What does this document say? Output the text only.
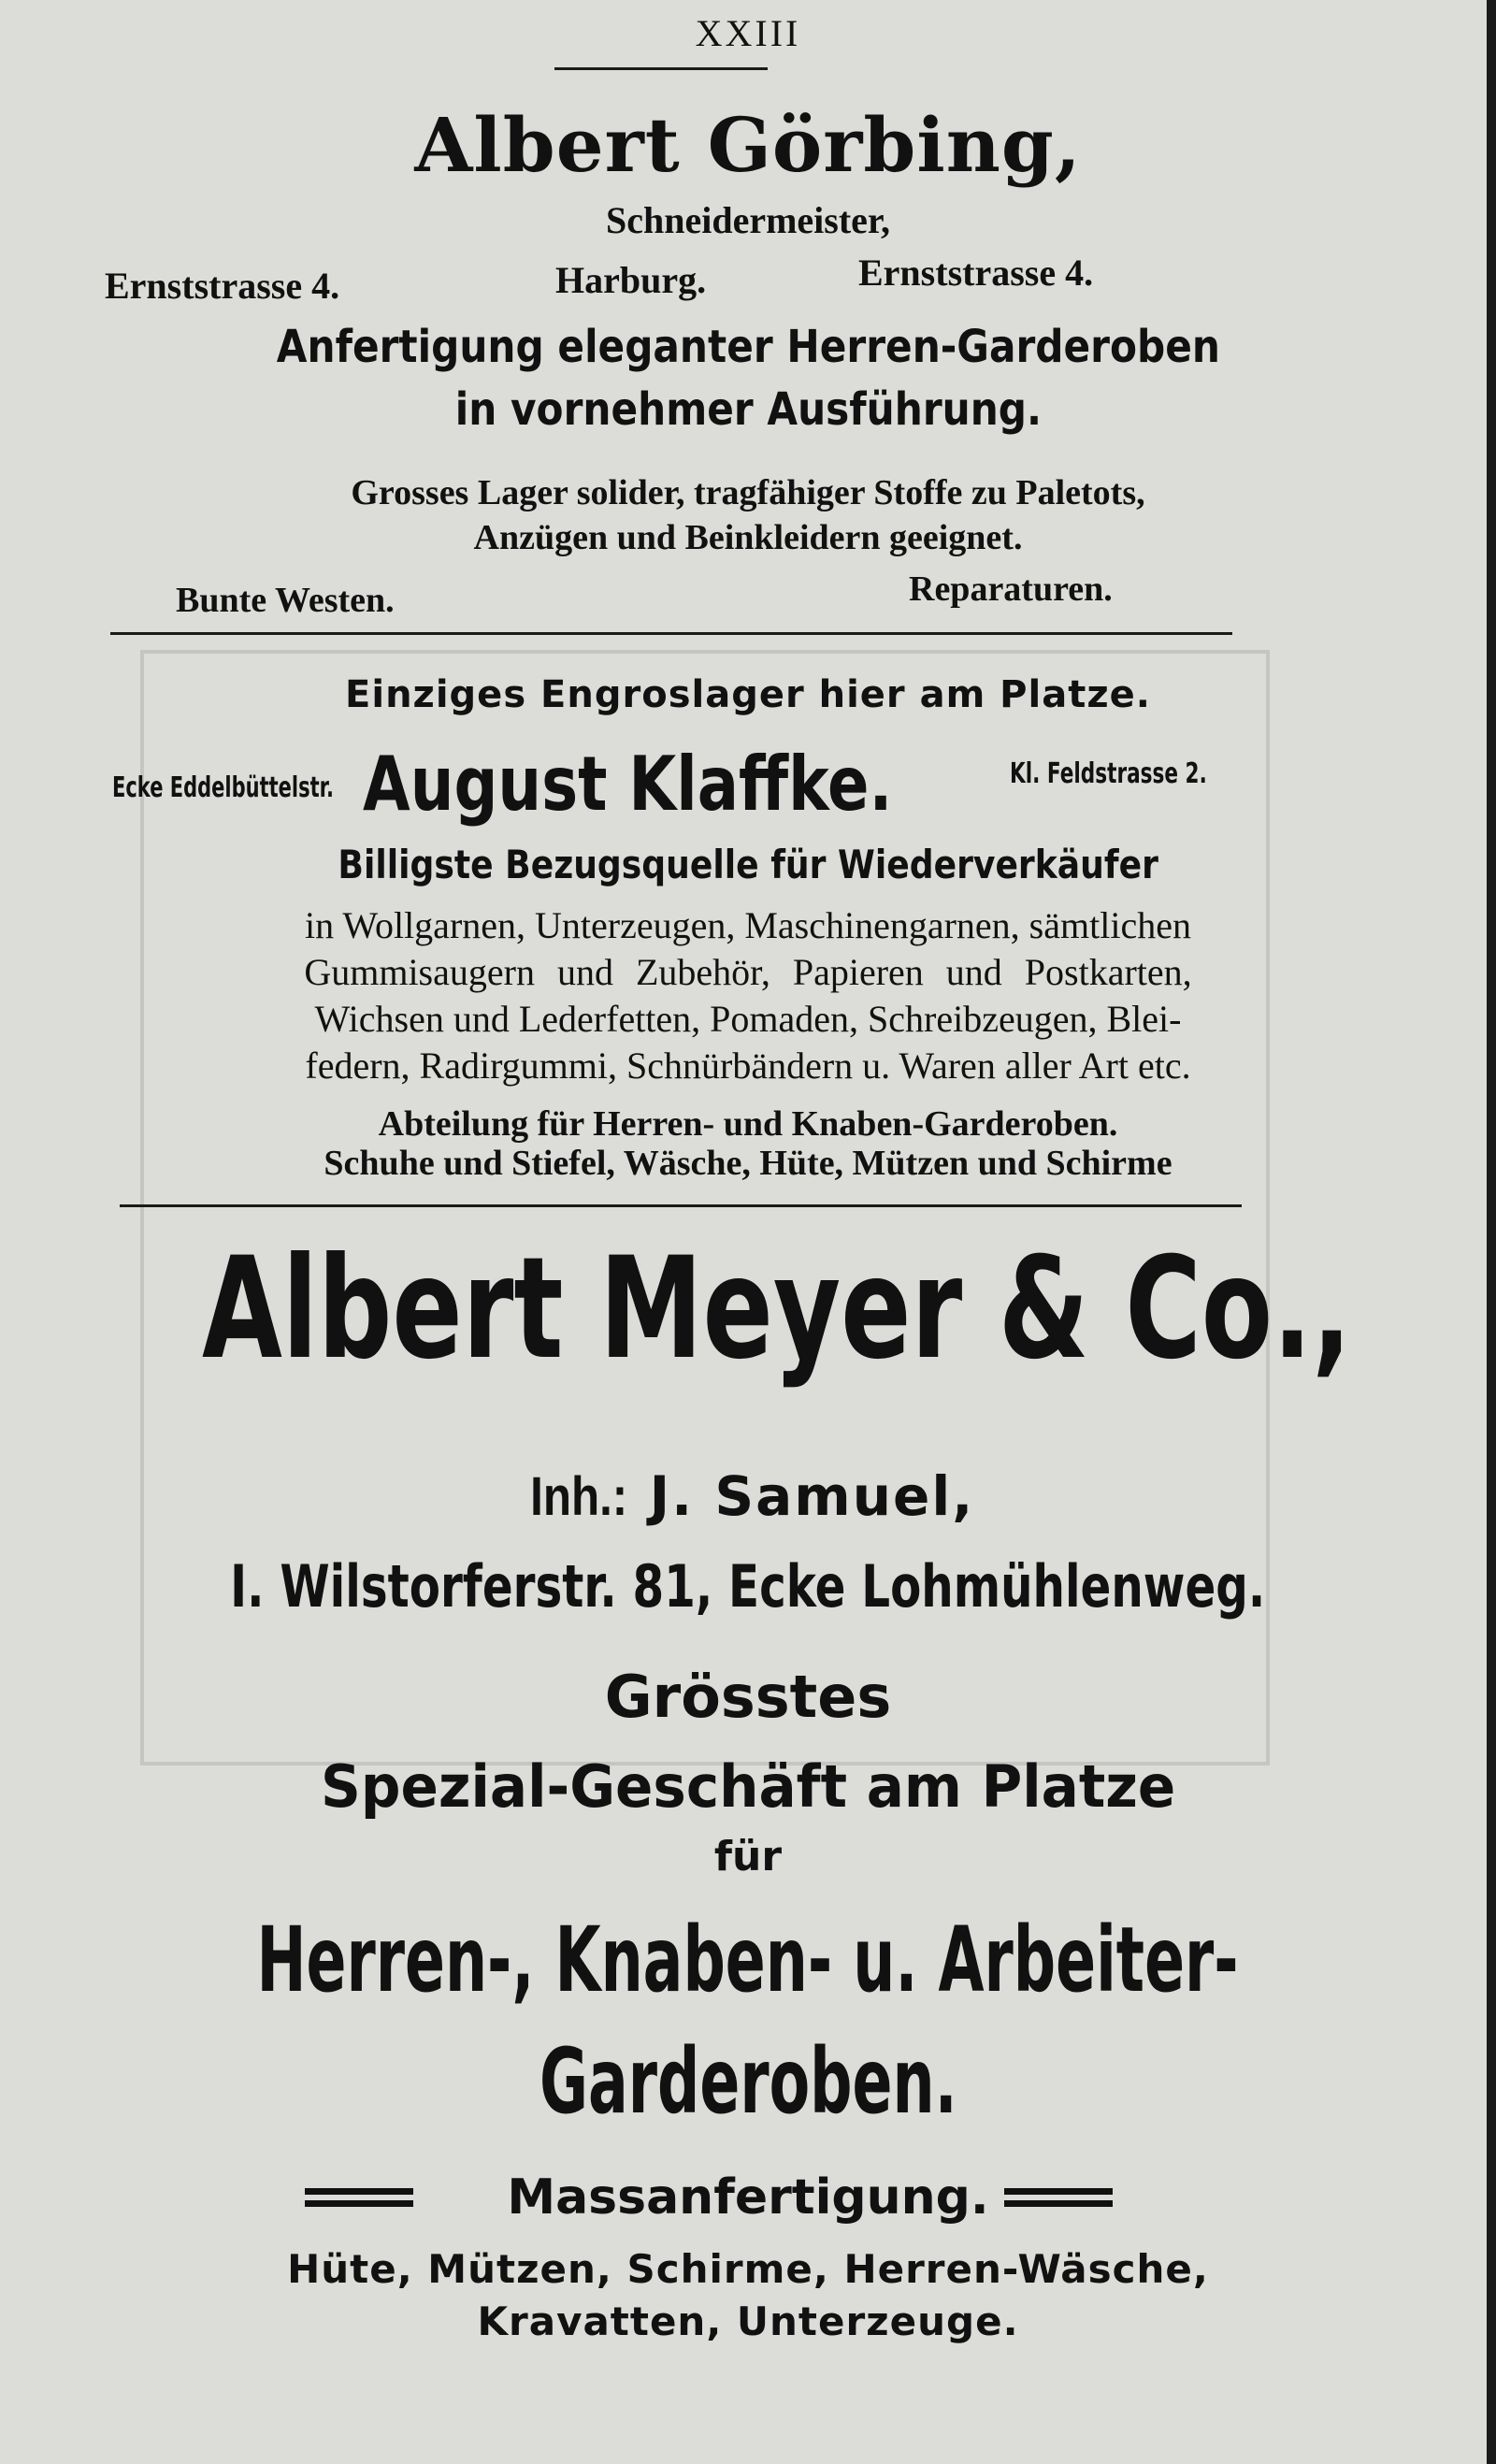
XXIII
Albert Görbing,
Schneidermeister,
Ernststrasse 4.	Harburg.	Ernststrasse 4.
Anfertigung eleganter Herren-Garderoben
in vornehmer Ausführung.
Grosses Lager solider, tragfähiger Stoffe zu Paletots,
Anzügen und Beinkleidern geeignet.
Bunte Westen.	Reparaturen.
Einziges Engroslager hier am Platze.
Ecke Eddelbüttelstr. August Klaffke.	Kl. Feldstrasse 2.
Billigste Bezugsquelle für Wiederverkäufer
in Wollgarnen, Unterzeugen, Maschinengarnen, sämtlichen
Gummisaugern und Zubehör, Papieren und Postkarten,
Wichsen und Lederfetten, Pomaden, Schreibzeugen, Blei-
federn, Radirgummi, Schnürbändern u. Waren aller Art etc.
Abteilung für Herren- und Knaben-Garderoben.
Schuhe und Stiefel, Wäsche, Hüte, Mützen und Schirme
Albert Meyer & Co.,
Inh.: J. Samuel,
I. Wilstorferstr. 81, Ecke Lohmühlenweg.
Grösstes
Spezial-Geschäft am Platze
für
Herren-, Knaben- u. Arbeiter-
Garderoben.
Massanfertigung.
Hüte, Mützen, Schirme, Herren-Wäsche,
Kravatten, Unterzeuge.
